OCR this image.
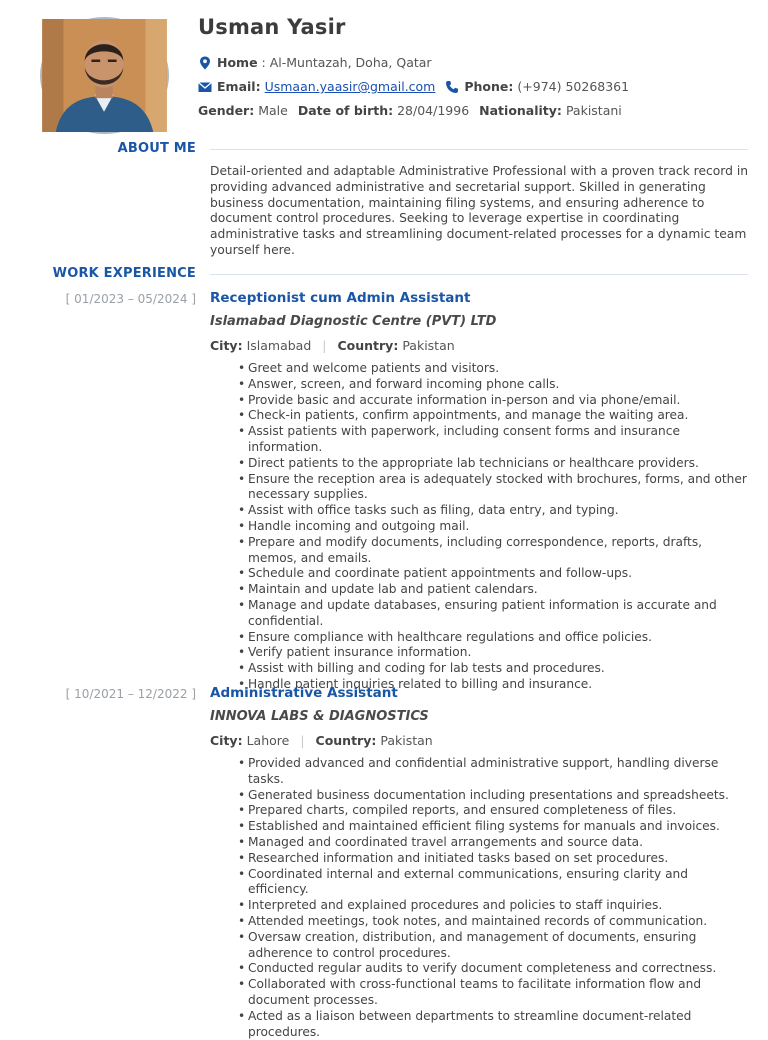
Usman Yasir
Home : Al-Muntazah, Doha, Qatar
Email: Usmaan.yaasir@gmail.com Phone: (+974) 50268361
Gender: Male Date of birth: 28/04/1996 Nationality: Pakistani
ABOUT ME
Detail-oriented and adaptable Administrative Professional with a proven track record in providing advanced administrative and secretarial support. Skilled in generating business documentation, maintaining filing systems, and ensuring adherence to document control procedures. Seeking to leverage expertise in coordinating administrative tasks and streamlining document-related processes for a dynamic team yourself here.
WORK EXPERIENCE
[ 01/2023 – 05/2024 ] Receptionist cum Admin Assistant
Islamabad Diagnostic Centre (PVT) LTD
City: Islamabad | Country: Pakistan
• Greet and welcome patients and visitors.
• Answer, screen, and forward incoming phone calls.
• Provide basic and accurate information in-person and via phone/email.
• Check-in patients, confirm appointments, and manage the waiting area.
• Assist patients with paperwork, including consent forms and insurance information.
• Direct patients to the appropriate lab technicians or healthcare providers.
• Ensure the reception area is adequately stocked with brochures, forms, and other necessary supplies.
• Assist with office tasks such as filing, data entry, and typing.
• Handle incoming and outgoing mail.
• Prepare and modify documents, including correspondence, reports, drafts, memos, and emails.
• Schedule and coordinate patient appointments and follow-ups.
• Maintain and update lab and patient calendars.
• Manage and update databases, ensuring patient information is accurate and confidential.
• Ensure compliance with healthcare regulations and office policies.
• Verify patient insurance information.
• Assist with billing and coding for lab tests and procedures.
• Handle patient inquiries related to billing and insurance.
[ 10/2021 – 12/2022 ] Administrative Assistant
INNOVA LABS & DIAGNOSTICS
City: Lahore | Country: Pakistan
• Provided advanced and confidential administrative support, handling diverse tasks.
• Generated business documentation including presentations and spreadsheets.
• Prepared charts, compiled reports, and ensured completeness of files.
• Established and maintained efficient filing systems for manuals and invoices.
• Managed and coordinated travel arrangements and source data.
• Researched information and initiated tasks based on set procedures.
• Coordinated internal and external communications, ensuring clarity and efficiency.
• Interpreted and explained procedures and policies to staff inquiries.
• Attended meetings, took notes, and maintained records of communication.
• Oversaw creation, distribution, and management of documents, ensuring adherence to control procedures.
• Conducted regular audits to verify document completeness and correctness.
• Collaborated with cross-functional teams to facilitate information flow and document processes.
• Acted as a liaison between departments to streamline document-related procedures.
